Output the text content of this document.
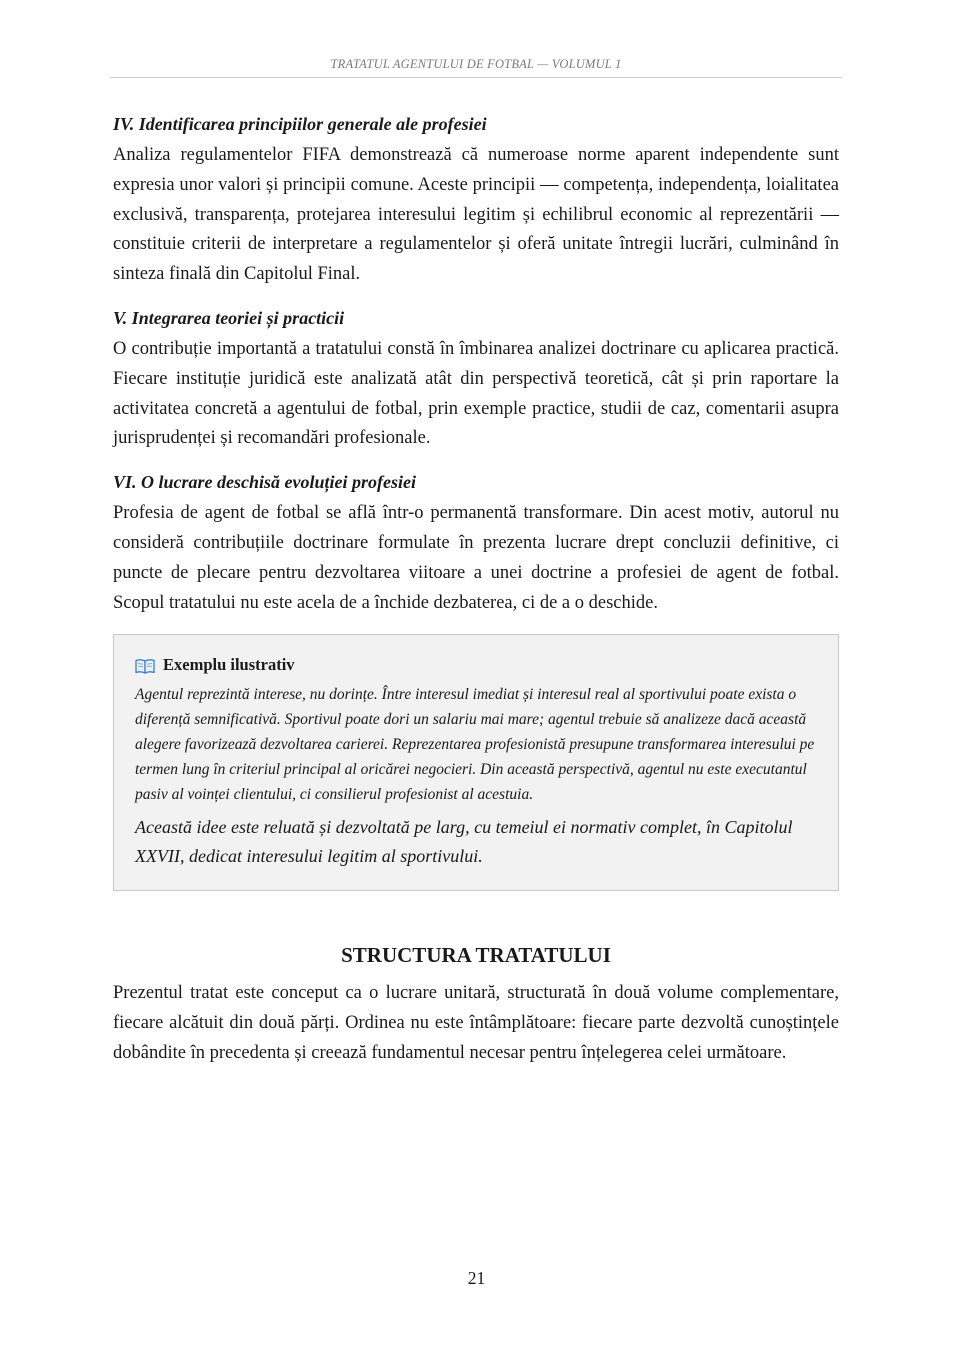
TRATATUL AGENTULUI DE FOTBAL — VOLUMUL 1
IV. Identificarea principiilor generale ale profesiei

Analiza regulamentelor FIFA demonstrează că numeroase norme aparent independente sunt expresia unor valori și principii comune. Aceste principii — competența, independența, loialitatea exclusivă, transparența, protejarea interesului legitim și echilibrul economic al reprezentării — constituie criterii de interpretare a regulamentelor și oferă unitate întregii lucrări, culminând în sinteza finală din Capitolul Final.

V. Integrarea teoriei și practicii

O contribuție importantă a tratatului constă în îmbinarea analizei doctrinare cu aplicarea practică. Fiecare instituție juridică este analizată atât din perspectivă teoretică, cât și prin raportare la activitatea concretă a agentului de fotbal, prin exemple practice, studii de caz, comentarii asupra jurisprudenței și recomandări profesionale.

VI. O lucrare deschisă evoluției profesiei

Profesia de agent de fotbal se află într-o permanentă transformare. Din acest motiv, autorul nu consideră contribuțiile doctrinare formulate în prezenta lucrare drept concluzii definitive, ci puncte de plecare pentru dezvoltarea viitoare a unei doctrine a profesiei de agent de fotbal. Scopul tratatului nu este acela de a închide dezbaterea, ci de a o deschide.

Exemplu ilustrativ

Agentul reprezintă interese, nu dorințe. Între interesul imediat și interesul real al sportivului poate exista o diferență semnificativă. Sportivul poate dori un salariu mai mare; agentul trebuie să analizeze dacă această alegere favorizează dezvoltarea carierei. Reprezentarea profesionistă presupune transformarea interesului pe termen lung în criteriul principal al oricărei negocieri. Din această perspectivă, agentul nu este executantul pasiv al voinței clientului, ci consilierul profesionist al acestuia.

Această idee este reluată și dezvoltată pe larg, cu temeiul ei normativ complet, în Capitolul XXVII, dedicat interesului legitim al sportivului.

STRUCTURA TRATATULUI

Prezentul tratat este conceput ca o lucrare unitară, structurată în două volume complementare, fiecare alcătuit din două părți. Ordinea nu este întâmplătoare: fiecare parte dezvoltă cunoștințele dobândite în precedenta și creează fundamentul necesar pentru înțelegerea celei următoare.

21
